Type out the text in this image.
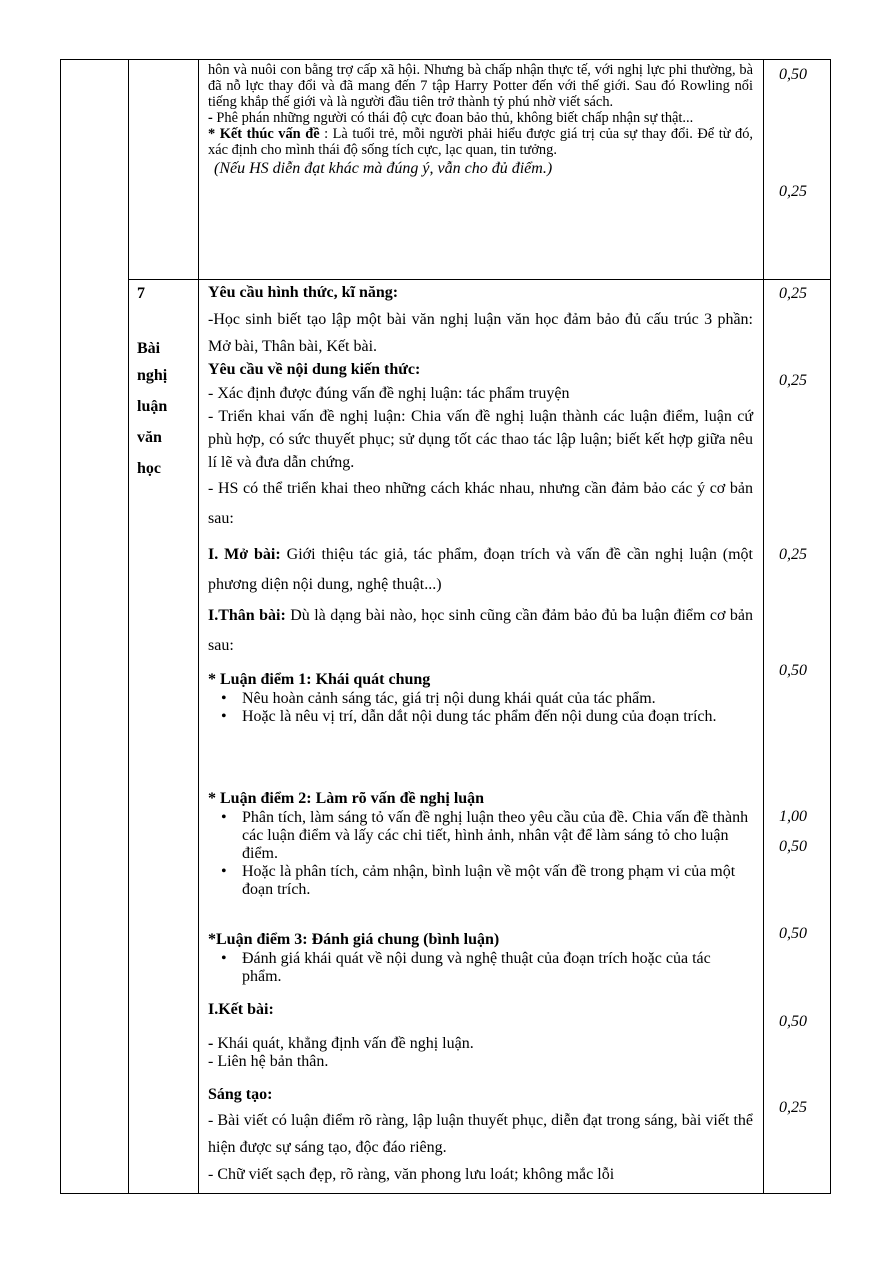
hôn và nuôi con bằng trợ cấp xã hội. Nhưng bà chấp nhận thực tế, với nghị lực phi thường, bà đã nỗ lực thay đổi và đã mang đến 7 tập Harry Potter đến với thế giới. Sau đó Rowling nổi tiếng khắp thế giới và là người đầu tiên trở thành tỷ phú nhờ viết sách.

- Phê phán những người có thái độ cực đoan bảo thủ, không biết chấp nhận sự thật...

* Kết thúc vấn đề : Là tuổi trẻ, mỗi người phải hiểu được giá trị của sự thay đổi. Để từ đó, xác định cho mình thái độ sống tích cực, lạc quan, tin tưởng.

(Nếu HS diễn đạt khác mà đúng ý, vẫn cho đủ điểm.)

0,50
0,25
7
Bài
nghị
luận
văn
học

Yêu cầu hình thức, kĩ năng:

-Học sinh biết tạo lập một bài văn nghị luận văn học đảm bảo đủ cấu trúc 3 phần: Mở bài, Thân bài, Kết bài.

Yêu cầu về nội dung kiến thức:

- Xác định được đúng vấn đề nghị luận: tác phẩm truyện

- Triển khai vấn đề nghị luận: Chia vấn đề nghị luận thành các luận điểm, luận cứ phù hợp, có sức thuyết phục; sử dụng tốt các thao tác lập luận; biết kết hợp giữa nêu lí lẽ và đưa dẫn chứng.

- HS có thể triển khai theo những cách khác nhau, nhưng cần đảm bảo các ý cơ bản sau:

I. Mở bài: Giới thiệu tác giả, tác phẩm, đoạn trích và vấn đề cần nghị luận (một phương diện nội dung, nghệ thuật...)

I.Thân bài: Dù là dạng bài nào, học sinh cũng cần đảm bảo đủ ba luận điểm cơ bản sau:

* Luận điểm 1: Khái quát chung

• Nêu hoàn cảnh sáng tác, giá trị nội dung khái quát của tác phẩm.
• Hoặc là nêu vị trí, dẫn dắt nội dung tác phẩm đến nội dung của đoạn trích.

* Luận điểm 2: Làm rõ vấn đề nghị luận

• Phân tích, làm sáng tỏ vấn đề nghị luận theo yêu cầu của đề. Chia vấn đề thành các luận điểm và lấy các chi tiết, hình ảnh, nhân vật để làm sáng tỏ cho luận điểm.
• Hoặc là phân tích, cảm nhận, bình luận về một vấn đề trong phạm vi của một đoạn trích.

*Luận điểm 3: Đánh giá chung (bình luận)

• Đánh giá khái quát về nội dung và nghệ thuật của đoạn trích hoặc của tác phẩm.

I.Kết bài:

- Khái quát, khẳng định vấn đề nghị luận.

- Liên hệ bản thân.

Sáng tạo:

- Bài viết có luận điểm rõ ràng, lập luận thuyết phục, diễn đạt trong sáng, bài viết thể hiện được sự sáng tạo, độc đáo riêng.

- Chữ viết sạch đẹp, rõ ràng, văn phong lưu loát; không mắc lỗi

0,25
0,25
0,25
0,50
1,00
0,50
0,50
0,50
0,25
